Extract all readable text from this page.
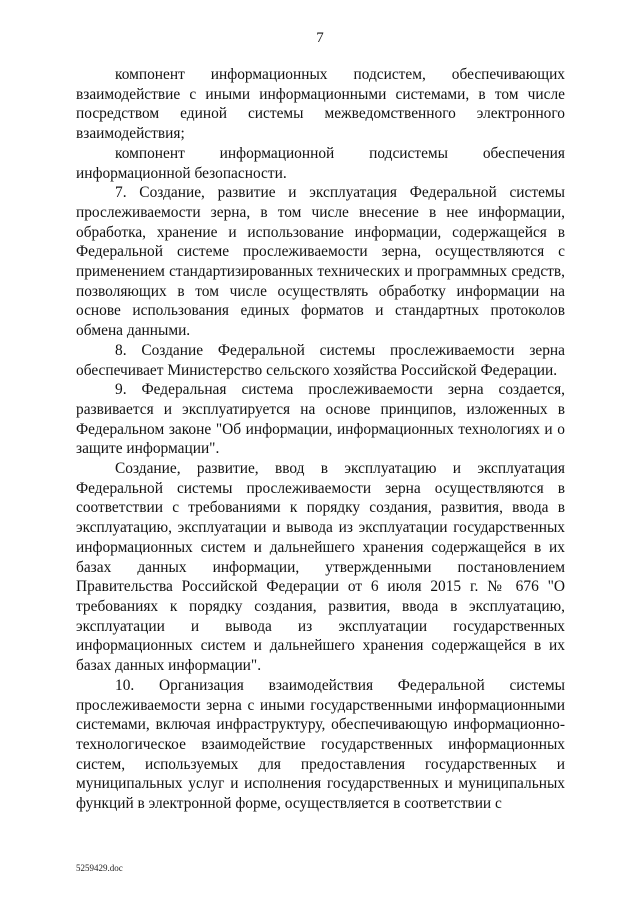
7

компонент информационных подсистем, обеспечивающих взаимодействие с иными информационными системами, в том числе посредством единой системы межведомственного электронного взаимодействия;

компонент информационной подсистемы обеспечения информационной безопасности.

7. Создание, развитие и эксплуатация Федеральной системы прослеживаемости зерна, в том числе внесение в нее информации, обработка, хранение и использование информации, содержащейся в Федеральной системе прослеживаемости зерна, осуществляются с применением стандартизированных технических и программных средств, позволяющих в том числе осуществлять обработку информации на основе использования единых форматов и стандартных протоколов обмена данными.

8. Создание Федеральной системы прослеживаемости зерна обеспечивает Министерство сельского хозяйства Российской Федерации.

9. Федеральная система прослеживаемости зерна создается, развивается и эксплуатируется на основе принципов, изложенных в Федеральном законе "Об информации, информационных технологиях и о защите информации".

Создание, развитие, ввод в эксплуатацию и эксплуатация Федеральной системы прослеживаемости зерна осуществляются в соответствии с требованиями к порядку создания, развития, ввода в эксплуатацию, эксплуатации и вывода из эксплуатации государственных информационных систем и дальнейшего хранения содержащейся в их базах данных информации, утвержденными постановлением Правительства Российской Федерации от 6 июля 2015 г. № 676 "О требованиях к порядку создания, развития, ввода в эксплуатацию, эксплуатации и вывода из эксплуатации государственных информационных систем и дальнейшего хранения содержащейся в их базах данных информации".

10. Организация взаимодействия Федеральной системы прослеживаемости зерна с иными государственными информационными системами, включая инфраструктуру, обеспечивающую информационно-технологическое взаимодействие государственных информационных систем, используемых для предоставления государственных и муниципальных услуг и исполнения государственных и муниципальных функций в электронной форме, осуществляется в соответствии с

5259429.doc
